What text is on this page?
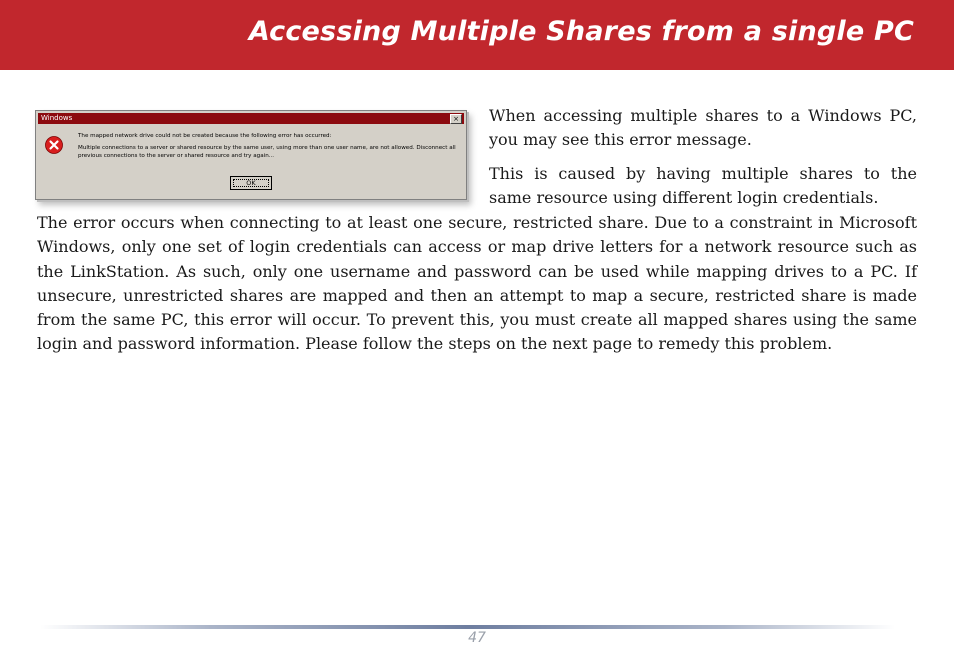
Accessing Multiple Shares from a single PC
Windows	×

The mapped network drive could not be created because the following error has occurred:

Multiple connections to a server or shared resource by the same user, using more than one user name, are not allowed. Disconnect all previous connections to the server or shared resource and try again...

OK

When accessing multiple shares to a Windows PC, you may see this error message.

This is caused by having multiple shares to the same resource using different login credentials.

The error occurs when connecting to at least one secure, restricted share. Due to a constraint in Microsoft Windows, only one set of login credentials can access or map drive letters for a network resource such as the LinkStation. As such, only one username and password can be used while mapping drives to a PC. If unsecure, unrestricted shares are mapped and then an attempt to map a secure, restricted share is made from the same PC, this error will occur. To prevent this, you must create all mapped shares using the same login and password information. Please follow the steps on the next page to remedy this problem.

47
